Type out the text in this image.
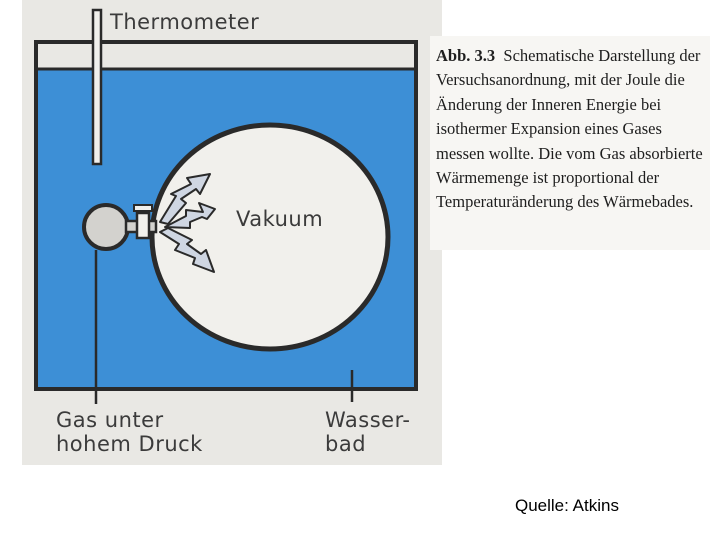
Thermometer
Vakuum
Gas unter
hohem Druck
Wasser-
bad
Abb. 3.3 Schematische Darstellung der Versuchsanordnung, mit der Joule die Änderung der Inneren Energie bei isothermer Expansion eines Gases messen wollte. Die vom Gas absorbierte Wärmemenge ist proportional der Temperaturänderung des Wärmebades.
Quelle: Atkins
